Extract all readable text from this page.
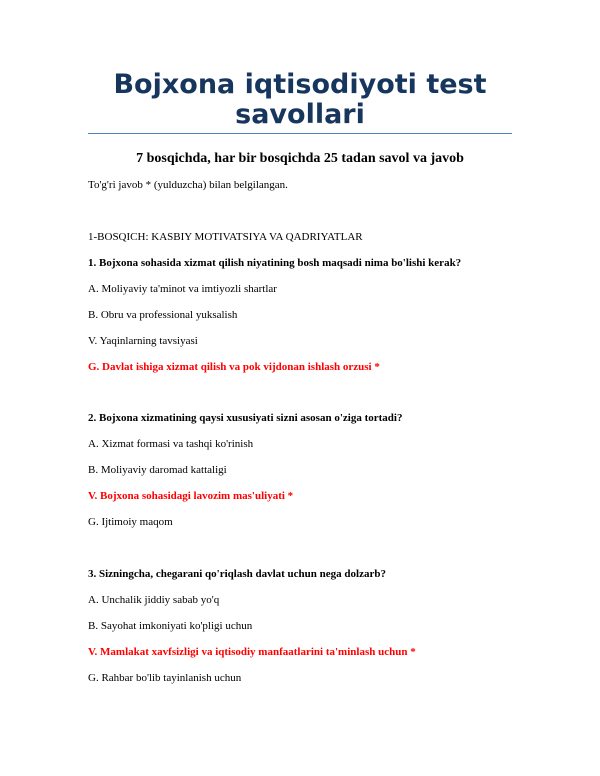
Bojxona iqtisodiyoti test savollari
7 bosqichda, har bir bosqichda 25 tadan savol va javob
To'g'ri javob * (yulduzcha) bilan belgilangan.
1-BOSQICH: KASBIY MOTIVATSIYA VA QADRIYATLAR
1. Bojxona sohasida xizmat qilish niyatining bosh maqsadi nima bo'lishi kerak?
A. Moliyaviy ta'minot va imtiyozli shartlar
B. Obru va professional yuksalish
V. Yaqinlarning tavsiyasi
G. Davlat ishiga xizmat qilish va pok vijdonan ishlash orzusi *
2. Bojxona xizmatining qaysi xususiyati sizni asosan o'ziga tortadi?
A. Xizmat formasi va tashqi ko'rinish
B. Moliyaviy daromad kattaligi
V. Bojxona sohasidagi lavozim mas'uliyati *
G. Ijtimoiy maqom
3. Sizningcha, chegarani qo'riqlash davlat uchun nega dolzarb?
A. Unchalik jiddiy sabab yo'q
B. Sayohat imkoniyati ko'pligi uchun
V. Mamlakat xavfsizligi va iqtisodiy manfaatlarini ta'minlash uchun *
G. Rahbar bo'lib tayinlanish uchun
